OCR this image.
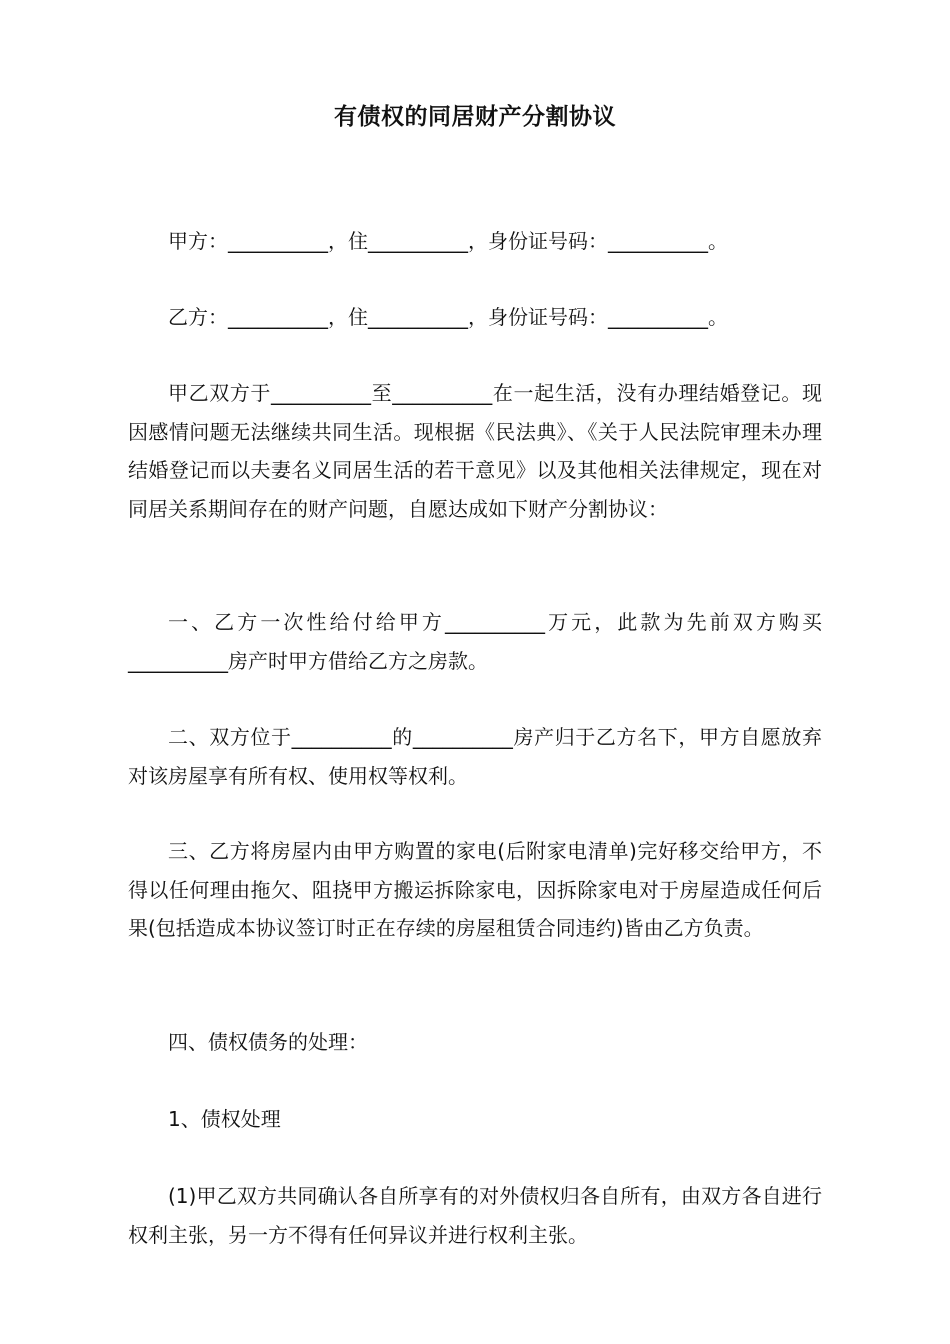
有债权的同居财产分割协议

甲方：__________，住__________，身份证号码：__________。

乙方：__________，住__________，身份证号码：__________。

甲乙双方于__________至__________在一起生活，没有办理结婚登记。现因感情问题无法继续共同生活。现根据《民法典》、《关于人民法院审理未办理结婚登记而以夫妻名义同居生活的若干意见》以及其他相关法律规定，现在对同居关系期间存在的财产问题，自愿达成如下财产分割协议：

一、乙方一次性给付给甲方__________万元，此款为先前双方购买__________房产时甲方借给乙方之房款。

二、双方位于__________的__________房产归于乙方名下，甲方自愿放弃对该房屋享有所有权、使用权等权利。

三、乙方将房屋内由甲方购置的家电(后附家电清单)完好移交给甲方，不得以任何理由拖欠、阻挠甲方搬运拆除家电，因拆除家电对于房屋造成任何后果(包括造成本协议签订时正在存续的房屋租赁合同违约)皆由乙方负责。

四、债权债务的处理：

1、债权处理

(1)甲乙双方共同确认各自所享有的对外债权归各自所有，由双方各自进行权利主张，另一方不得有任何异议并进行权利主张。
